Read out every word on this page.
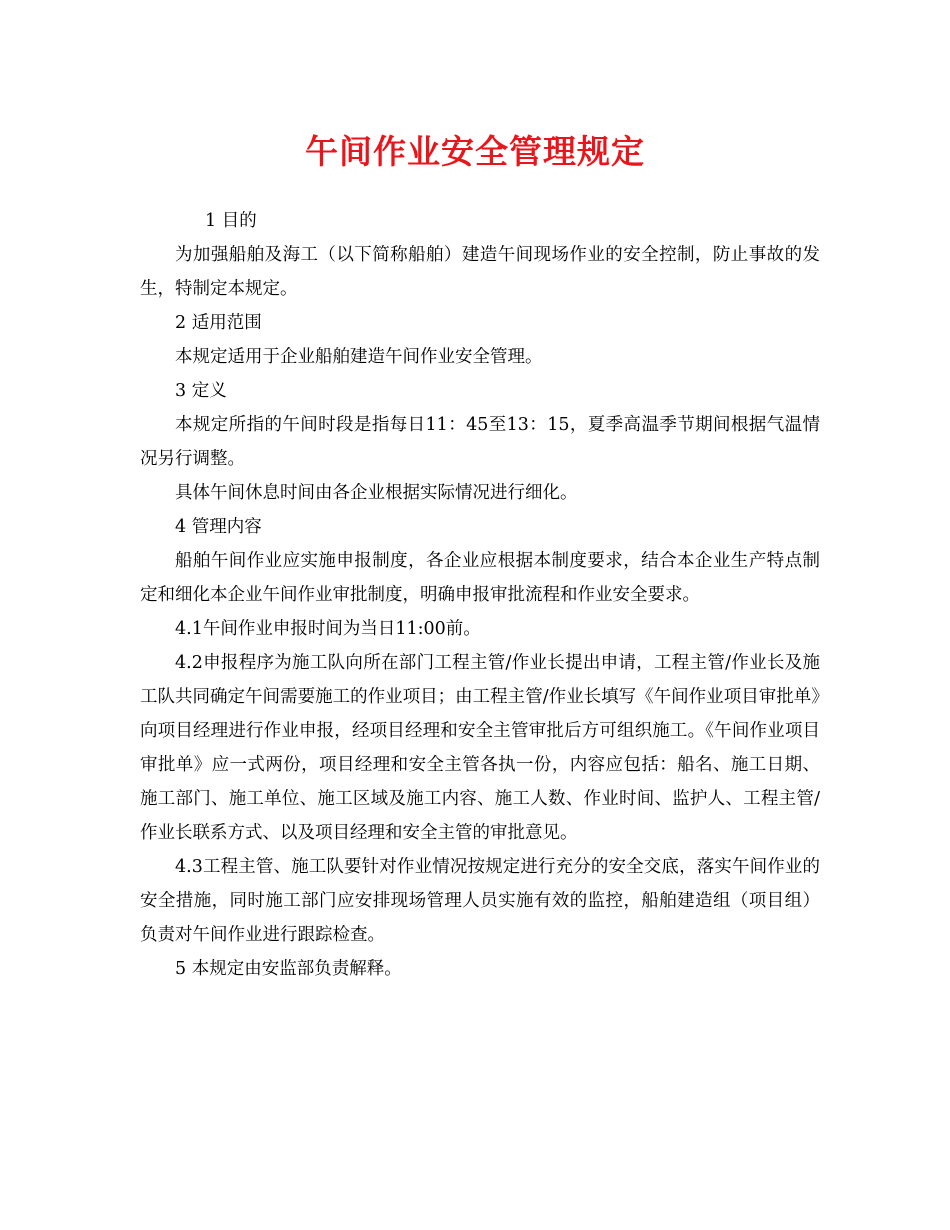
午间作业安全管理规定

1 目的

为加强船舶及海工（以下简称船舶）建造午间现场作业的安全控制，防止事故的发生，特制定本规定。

2 适用范围

本规定适用于企业船舶建造午间作业安全管理。

3 定义

本规定所指的午间时段是指每日11：45至13：15，夏季高温季节期间根据气温情况另行调整。

具体午间休息时间由各企业根据实际情况进行细化。

4 管理内容

船舶午间作业应实施申报制度，各企业应根据本制度要求，结合本企业生产特点制定和细化本企业午间作业审批制度，明确申报审批流程和作业安全要求。

4.1午间作业申报时间为当日11:00前。

4.2申报程序为施工队向所在部门工程主管/作业长提出申请，工程主管/作业长及施工队共同确定午间需要施工的作业项目；由工程主管/作业长填写《午间作业项目审批单》向项目经理进行作业申报，经项目经理和安全主管审批后方可组织施工。《午间作业项目审批单》应一式两份，项目经理和安全主管各执一份，内容应包括：船名、施工日期、施工部门、施工单位、施工区域及施工内容、施工人数、作业时间、监护人、工程主管/作业长联系方式、以及项目经理和安全主管的审批意见。

4.3工程主管、施工队要针对作业情况按规定进行充分的安全交底，落实午间作业的安全措施，同时施工部门应安排现场管理人员实施有效的监控，船舶建造组（项目组）负责对午间作业进行跟踪检查。

5 本规定由安监部负责解释。
